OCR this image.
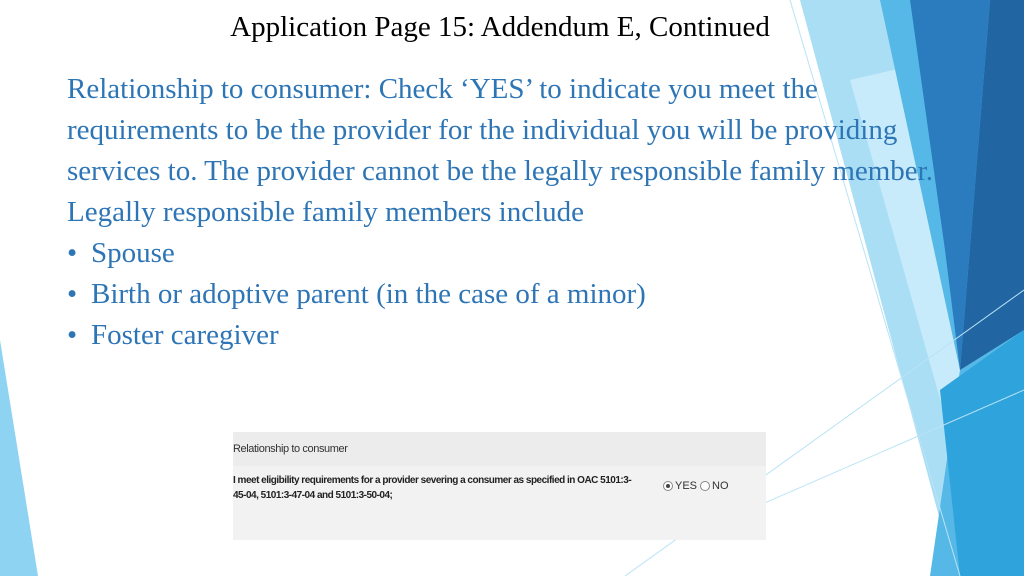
Application Page 15: Addendum E, Continued

Relationship to consumer: Check ‘YES’ to indicate you meet the requirements to be the provider for the individual you will be providing services to. The provider cannot be the legally responsible family member.

Legally responsible family members include

• Spouse
• Birth or adoptive parent (in the case of a minor)
• Foster caregiver
Relationship to consumer
I meet eligibility requirements for a provider severing a consumer as specified in OAC 5101:3-45-04, 5101:3-47-04 and 5101:3-50-04;
YES NO
